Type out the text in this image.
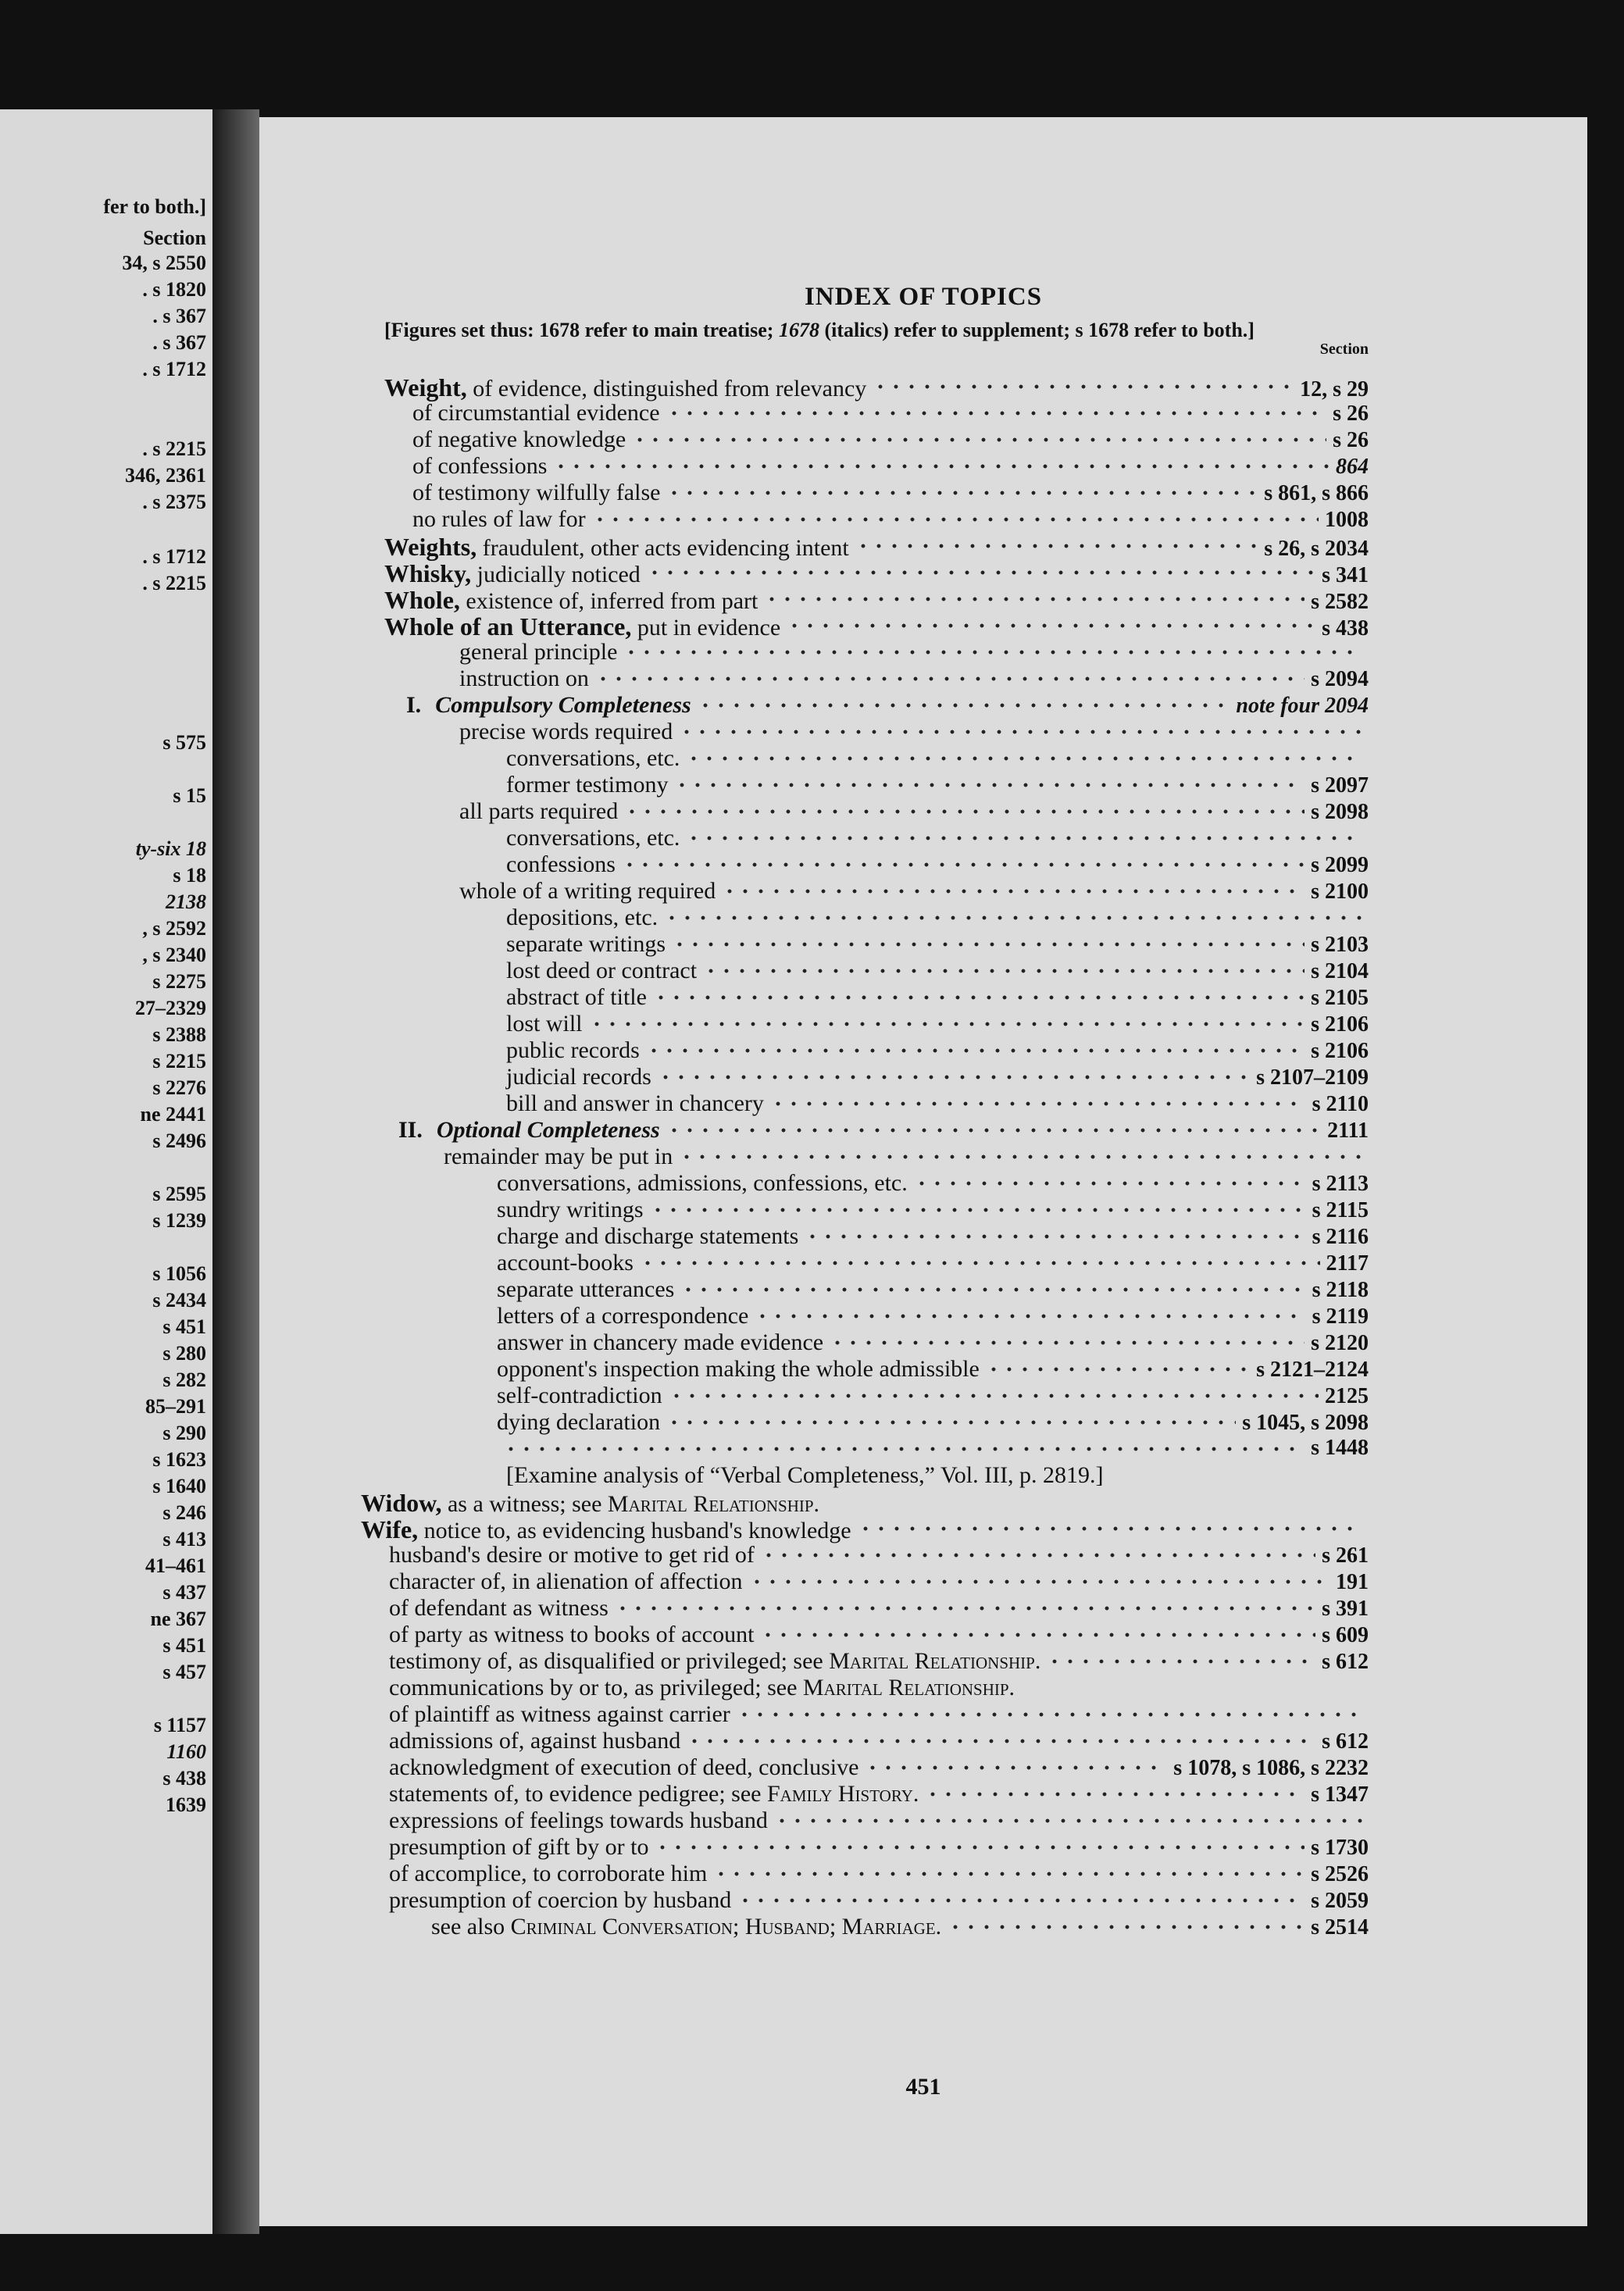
fer to both.]
Section
34, s 2550
. s 1820
. s 367
. s 367
. s 1712
. s 2215
346, 2361
. s 2375
. s 1712
. s 2215
s 575
s 15
ty-six 18
s 18
2138
, s 2592
, s 2340
s 2275
27–2329
s 2388
s 2215
s 2276
ne 2441
s 2496
s 2595
s 1239
s 1056
s 2434
s 451
s 280
s 282
85–291
s 290
s 1623
s 1640
s 246
s 413
41–461
s 437
ne 367
s 451
s 457
s 1157
1160
s 438
1639
INDEX OF TOPICS
[Figures set thus: 1678 refer to main treatise; 1678 (italics) refer to supplement; s 1678 refer to both.]
Section
Weight, of evidence, distinguished from relevancy	12, s 29
of circumstantial evidence	s 26
of negative knowledge	s 26
of confessions	864
of testimony wilfully false	s 861, s 866
no rules of law for	1008
Weights, fraudulent, other acts evidencing intent	s 26, s 2034
Whisky, judicially noticed	s 341
Whole, existence of, inferred from part	s 2582
Whole of an Utterance, put in evidence	s 438
general principle
instruction on	s 2094
I. Compulsory Completeness	note four 2094
precise words required
conversations, etc.
former testimony	s 2097
all parts required	s 2098
conversations, etc.
confessions	s 2099
whole of a writing required	s 2100
depositions, etc.
separate writings	s 2103
lost deed or contract	s 2104
abstract of title	s 2105
lost will	s 2106
public records	s 2106
judicial records	s 2107–2109
bill and answer in chancery	s 2110
II. Optional Completeness	2111
remainder may be put in
conversations, admissions, confessions, etc.	s 2113
sundry writings	s 2115
charge and discharge statements	s 2116
account-books	2117
separate utterances	s 2118
letters of a correspondence	s 2119
answer in chancery made evidence	s 2120
opponent's inspection making the whole admissible	s 2121–2124
self-contradiction	2125
dying declaration	s 1045, s 2098
s 1448
[Examine analysis of “Verbal Completeness,” Vol. III, p. 2819.]
Widow, as a witness; see Marital Relationship.
Wife, notice to, as evidencing husband's knowledge
husband's desire or motive to get rid of	s 261
character of, in alienation of affection	191
of defendant as witness	s 391
of party as witness to books of account	s 609
testimony of, as disqualified or privileged; see Marital Relationship.	s 612
communications by or to, as privileged; see Marital Relationship.
of plaintiff as witness against carrier
admissions of, against husband	s 612
acknowledgment of execution of deed, conclusive	s 1078, s 1086, s 2232
statements of, to evidence pedigree; see Family History.	s 1347
expressions of feelings towards husband
presumption of gift by or to	s 1730
of accomplice, to corroborate him	s 2526
presumption of coercion by husband	s 2059
see also Criminal Conversation; Husband; Marriage.	s 2514
451
